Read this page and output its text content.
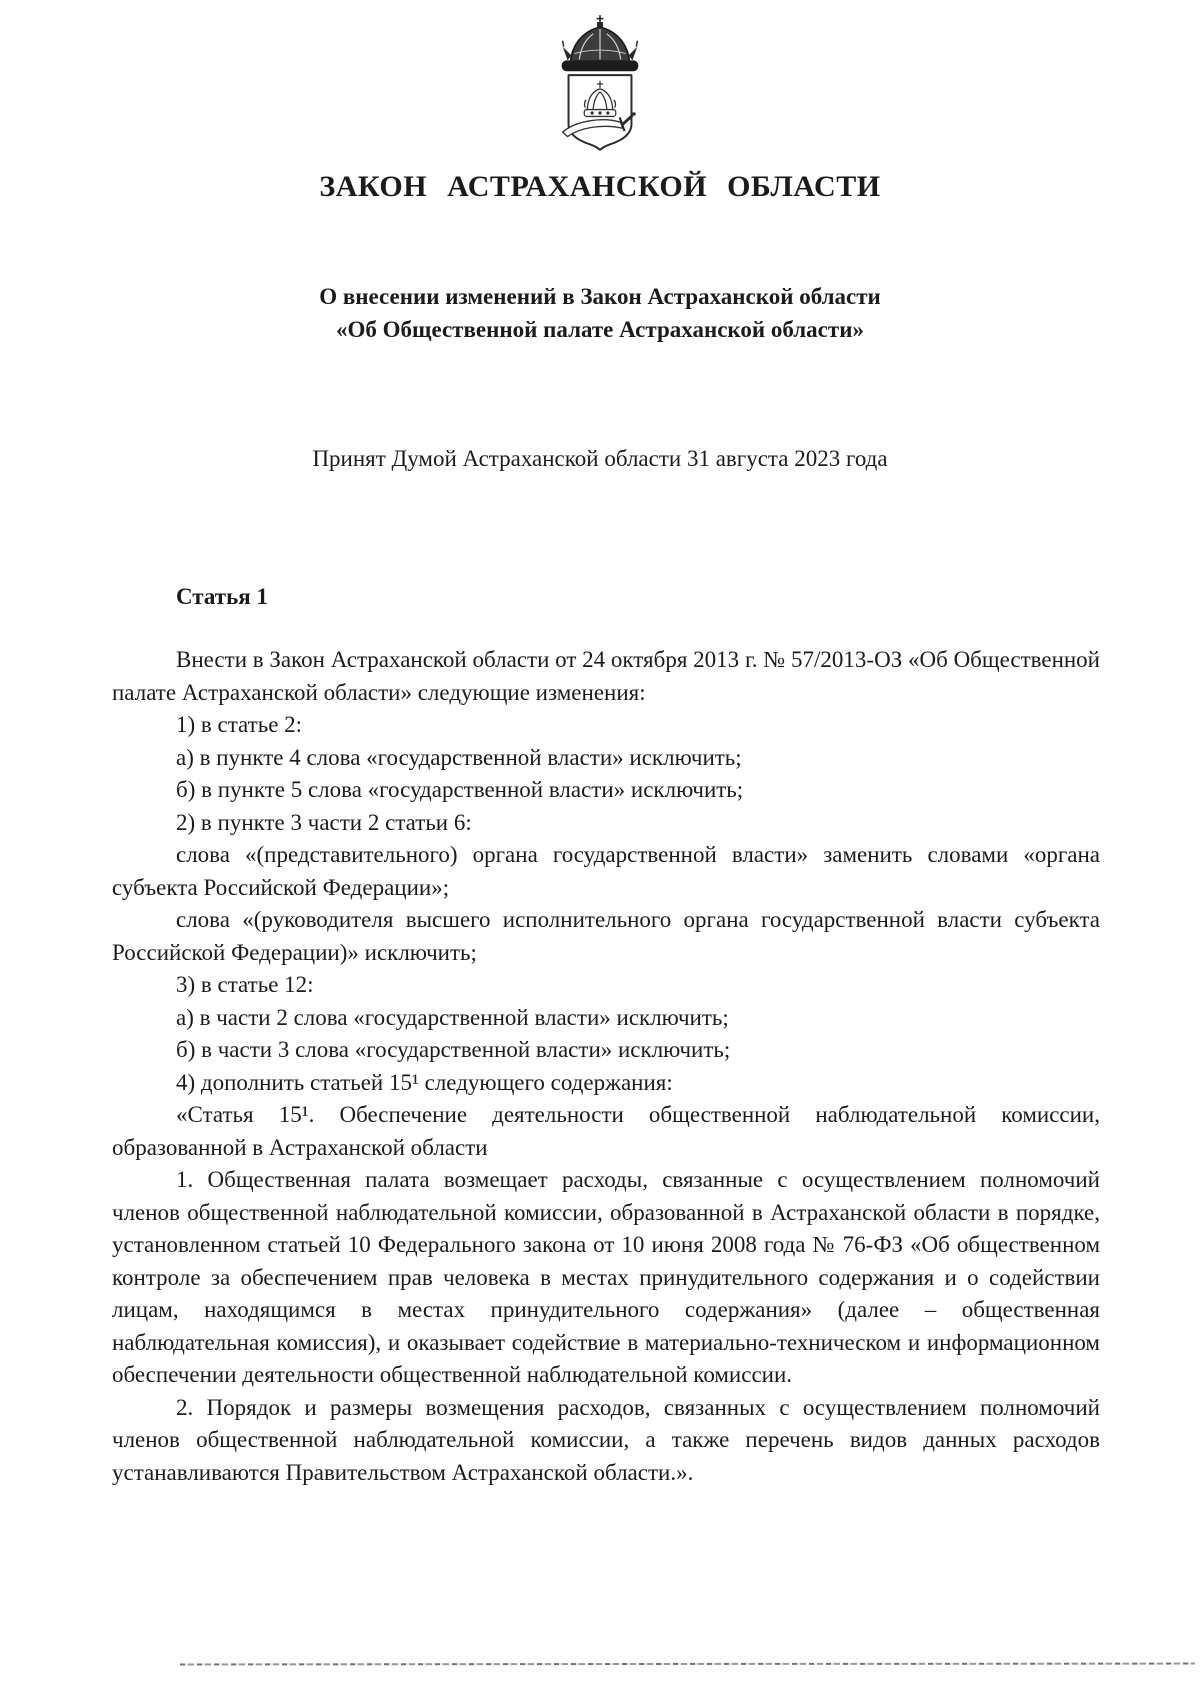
ЗАКОН АСТРАХАНСКОЙ ОБЛАСТИ
О внесении изменений в Закон Астраханской области
«Об Общественной палате Астраханской области»
Принят Думой Астраханской области 31 августа 2023 года
Статья 1

Внести в Закон Астраханской области от 24 октября 2013 г. № 57/2013-ОЗ «Об Общественной палате Астраханской области» следующие изменения:

1) в статье 2:

а) в пункте 4 слова «государственной власти» исключить;

б) в пункте 5 слова «государственной власти» исключить;

2) в пункте 3 части 2 статьи 6:

слова «(представительного) органа государственной власти» заменить словами «органа субъекта Российской Федерации»;

слова «(руководителя высшего исполнительного органа государственной власти субъекта Российской Федерации)» исключить;

3) в статье 12:

а) в части 2 слова «государственной власти» исключить;

б) в части 3 слова «государственной власти» исключить;

4) дополнить статьей 15¹ следующего содержания:

«Статья 15¹. Обеспечение деятельности общественной наблюдательной комиссии, образованной в Астраханской области

1. Общественная палата возмещает расходы, связанные с осуществлением полномочий членов общественной наблюдательной комиссии, образованной в Астраханской области в порядке, установленном статьей 10 Федерального закона от 10 июня 2008 года № 76-ФЗ «Об общественном контроле за обеспечением прав человека в местах принудительного содержания и о содействии лицам, находящимся в местах принудительного содержания» (далее – общественная наблюдательная комиссия), и оказывает содействие в материально-техническом и информационном обеспечении деятельности общественной наблюдательной комиссии.

2. Порядок и размеры возмещения расходов, связанных с осуществлением полномочий членов общественной наблюдательной комиссии, а также перечень видов данных расходов устанавливаются Правительством Астраханской области.».
